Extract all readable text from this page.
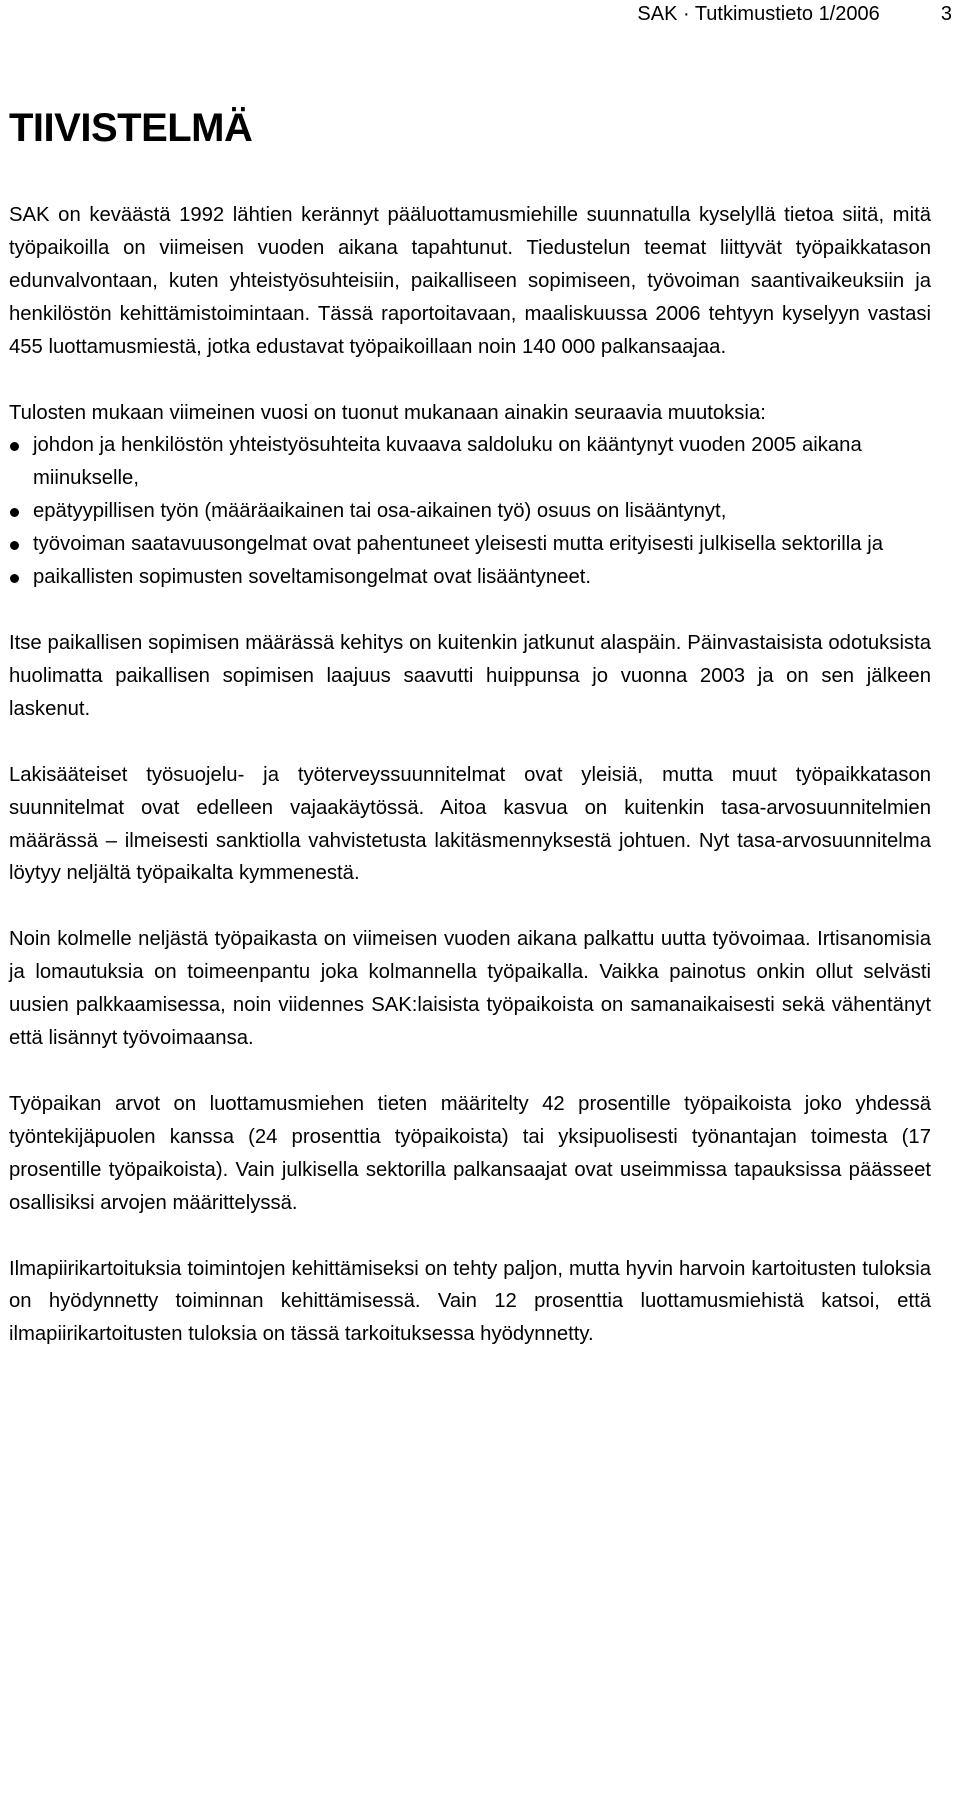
SAK · Tutkimustieto 1/2006	3
TIIVISTELMÄ

SAK on keväästä 1992 lähtien kerännyt pääluottamusmiehille suunnatulla kyselyllä tietoa siitä, mitä työpaikoilla on viimeisen vuoden aikana tapahtunut. Tiedustelun teemat liittyvät työpaikkatason edunvalvontaan, kuten yhteistyösuhteisiin, paikalliseen sopimiseen, työvoiman saantivaikeuksiin ja henkilöstön kehittämistoimintaan. Tässä raportoitavaan, maaliskuussa 2006 tehtyyn kyselyyn vastasi 455 luottamusmiestä, jotka edustavat työpaikoillaan noin 140 000 palkansaajaa.

Tulosten mukaan viimeinen vuosi on tuonut mukanaan ainakin seuraavia muutoksia:

johdon ja henkilöstön yhteistyösuhteita kuvaava saldoluku on kääntynyt vuoden 2005 aikana miinukselle,
epätyypillisen työn (määräaikainen tai osa-aikainen työ) osuus on lisääntynyt,
työvoiman saatavuusongelmat ovat pahentuneet yleisesti mutta erityisesti julkisella sektorilla ja
paikallisten sopimusten soveltamisongelmat ovat lisääntyneet.

Itse paikallisen sopimisen määrässä kehitys on kuitenkin jatkunut alaspäin. Päinvastaisista odotuksista huolimatta paikallisen sopimisen laajuus saavutti huippunsa jo vuonna 2003 ja on sen jälkeen laskenut.

Lakisääteiset työsuojelu- ja työterveyssuunnitelmat ovat yleisiä, mutta muut työpaikkatason suunnitelmat ovat edelleen vajaakäytössä. Aitoa kasvua on kuitenkin tasa-arvosuunnitelmien määrässä – ilmeisesti sanktiolla vahvistetusta lakitäsmennyksestä johtuen. Nyt tasa-arvosuunnitelma löytyy neljältä työpaikalta kymmenestä.

Noin kolmelle neljästä työpaikasta on viimeisen vuoden aikana palkattu uutta työvoimaa. Irtisanomisia ja lomautuksia on toimeenpantu joka kolmannella työpaikalla. Vaikka painotus onkin ollut selvästi uusien palkkaamisessa, noin viidennes SAK:laisista työpaikoista on samanaikaisesti sekä vähentänyt että lisännyt työvoimaansa.

Työpaikan arvot on luottamusmiehen tieten määritelty 42 prosentille työpaikoista joko yhdessä työntekijäpuolen kanssa (24 prosenttia työpaikoista) tai yksipuolisesti työnantajan toimesta (17 prosentille työpaikoista). Vain julkisella sektorilla palkansaajat ovat useimmissa tapauksissa päässeet osallisiksi arvojen määrittelyssä.

Ilmapiirikartoituksia toimintojen kehittämiseksi on tehty paljon, mutta hyvin harvoin kartoitusten tuloksia on hyödynnetty toiminnan kehittämisessä. Vain 12 prosenttia luottamusmiehistä katsoi, että ilmapiirikartoitusten tuloksia on tässä tarkoituksessa hyödynnetty.
